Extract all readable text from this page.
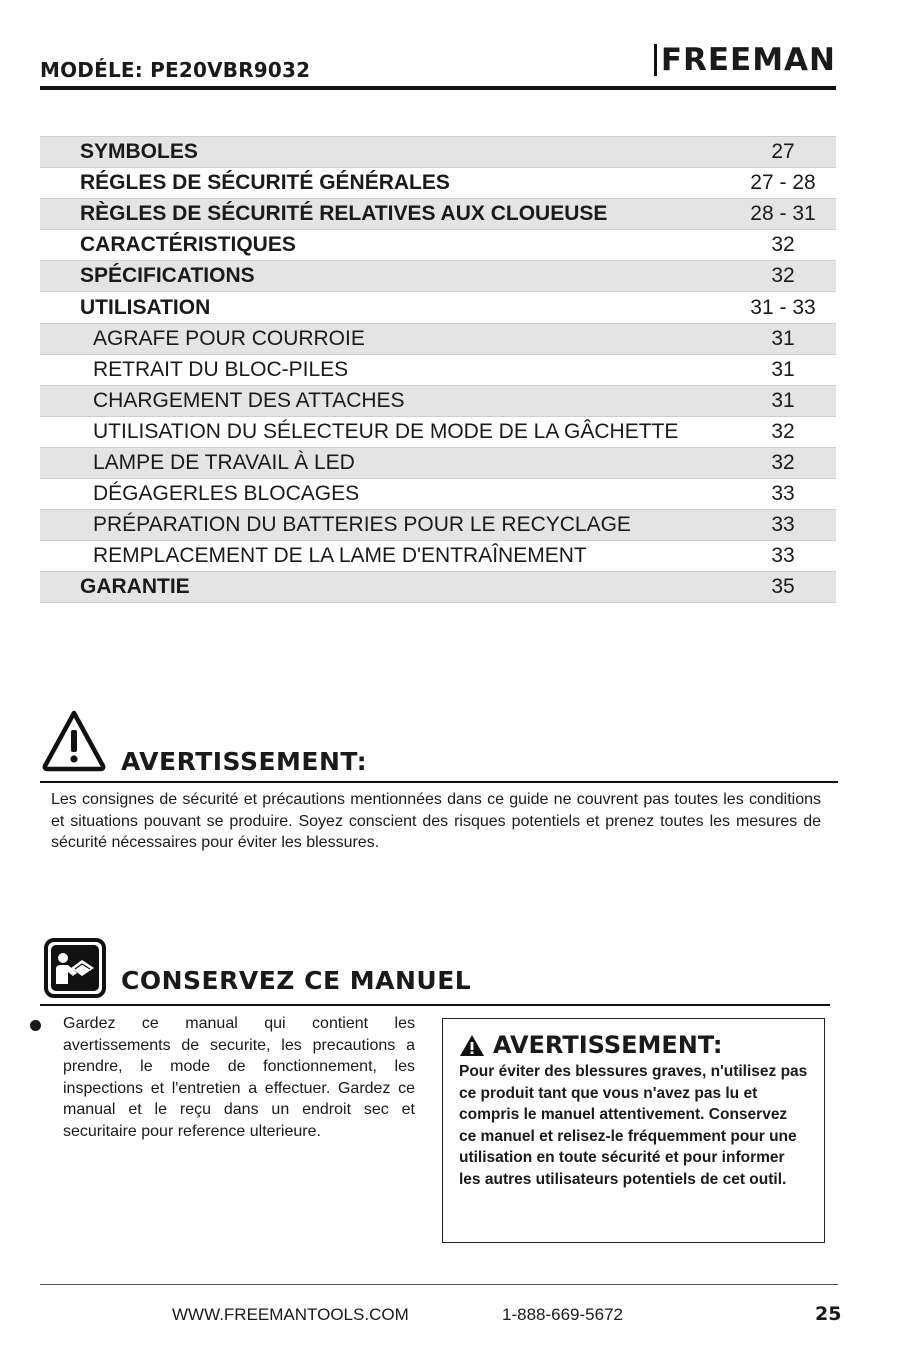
MODÉLE: PE20VBR9032	FREEMAN
SYMBOLES	27
RÉGLES DE SÉCURITÉ GÉNÉRALES	27 - 28
RÈGLES DE SÉCURITÉ RELATIVES AUX CLOUEUSE	28 - 31
CARACTÉRISTIQUES	32
SPÉCIFICATIONS	32
UTILISATION	31 - 33
AGRAFE POUR COURROIE	31
RETRAIT DU BLOC-PILES	31
CHARGEMENT DES ATTACHES	31
UTILISATION DU SÉLECTEUR DE MODE DE LA GÂCHETTE	32
LAMPE DE TRAVAIL À LED	32
DÉGAGERLES BLOCAGES	33
PRÉPARATION DU BATTERIES POUR LE RECYCLAGE	33
REMPLACEMENT DE LA LAME D'ENTRAÎNEMENT	33
GARANTIE	35
AVERTISSEMENT:
Les consignes de sécurité et précautions mentionnées dans ce guide ne couvrent pas toutes les conditions et situations pouvant se produire. Soyez conscient des risques potentiels et prenez toutes les mesures de sécurité nécessaires pour éviter les blessures.
CONSERVEZ CE MANUEL
Gardez ce manual qui contient les avertissements de securite, les precautions a prendre, le mode de fonctionnement, les inspections et l'entretien a effectuer. Gardez ce manual et le reçu dans un endroit sec et securitaire pour reference ulterieure.
AVERTISSEMENT:
Pour éviter des blessures graves, n'utilisez pas ce produit tant que vous n'avez pas lu et compris le manuel attentivement. Conservez ce manuel et relisez-le fréquemment pour une utilisation en toute sécurité et pour informer les autres utilisateurs potentiels de cet outil.
WWW.FREEMANTOOLS.COM	1-888-669-5672	25
